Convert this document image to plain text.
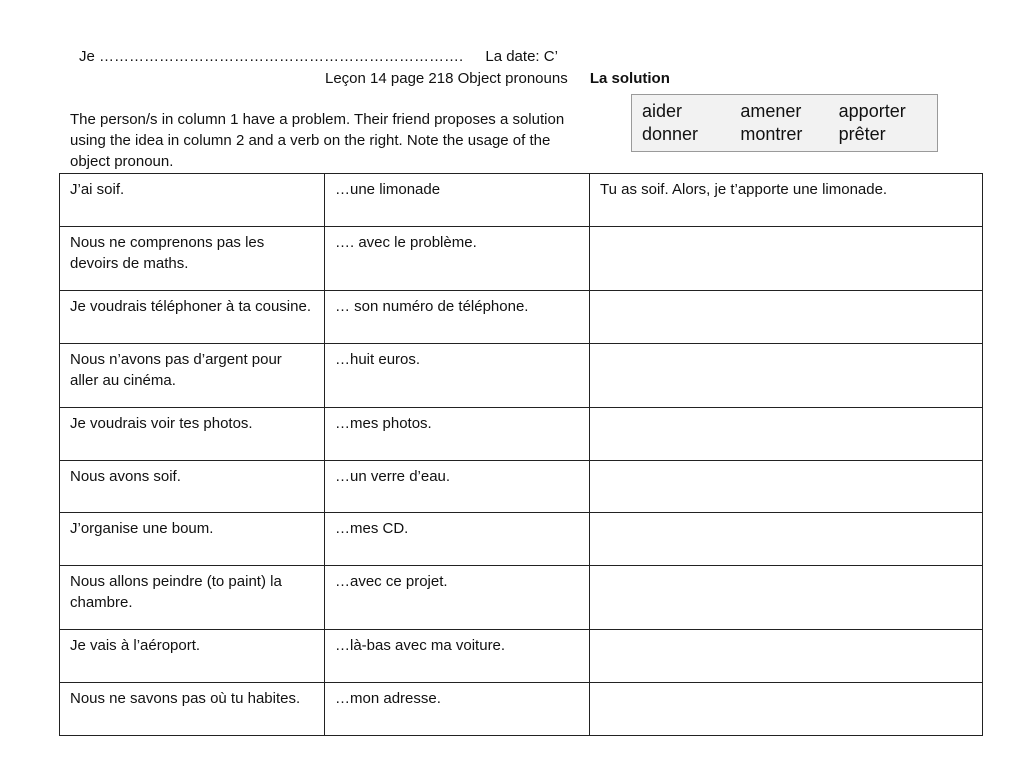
Je ………………………………………………………………. La date: C’
Leçon 14 page 218 Object pronouns La solution
The person/s in column 1 have a problem. Their friend proposes a solution using the idea in column 2 and a verb on the right. Note the usage of the object pronoun.
aider	amener	apporter
donner	montrer	prêter
J’ai soif.	…une limonade	Tu as soif. Alors, je t’apporte une limonade.
Nous ne comprenons pas les devoirs de maths.	…. avec le problème.	
Je voudrais téléphoner à ta cousine.	… son numéro de téléphone.	
Nous n’avons pas d’argent pour aller au cinéma.	…huit euros.	
Je voudrais voir tes photos.	…mes photos.	
Nous avons soif.	…un verre d’eau.	
J’organise une boum.	…mes CD.	
Nous allons peindre (to paint) la chambre.	…avec ce projet.	
Je vais à l’aéroport.	…là-bas avec ma voiture.	
Nous ne savons pas où tu habites.	…mon adresse.	
